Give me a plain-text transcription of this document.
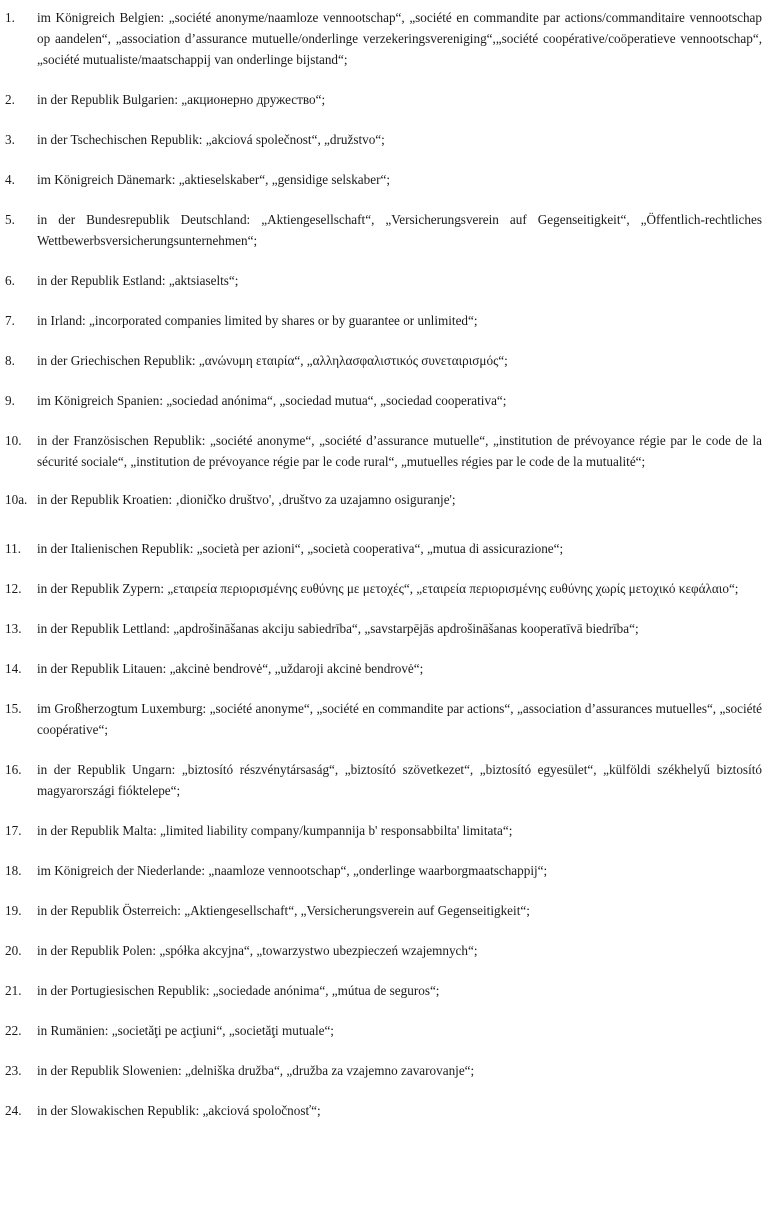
1.	im Königreich Belgien: „société anonyme/naamloze vennootschap“, „société en commandite par actions/commanditaire vennootschap op aandelen“, „association d’assurance mutuelle/onderlinge verzekeringsvereniging“,„société coopérative/coöperatieve vennootschap“, „société mutualiste/maatschappij van onderlinge bijstand“;
2.	in der Republik Bulgarien: „акционерно дружество“;
3.	in der Tschechischen Republik: „akciová společnost“, „družstvo“;
4.	im Königreich Dänemark: „aktieselskaber“, „gensidige selskaber“;
5.	in der Bundesrepublik Deutschland: „Aktiengesellschaft“, „Versicherungsverein auf Gegenseitigkeit“, „Öffentlich-rechtliches Wettbewerbsversicherungsunternehmen“;
6.	in der Republik Estland: „aktsiaselts“;
7.	in Irland: „incorporated companies limited by shares or by guarantee or unlimited“;
8.	in der Griechischen Republik: „ανώνυμη εταιρία“, „αλληλασφαλιστικός συνεταιρισμός“;
9.	im Königreich Spanien: „sociedad anónima“, „sociedad mutua“, „sociedad cooperativa“;
10.	in der Französischen Republik: „société anonyme“, „société d’assurance mutuelle“, „institution de prévoyance régie par le code de la sécurité sociale“, „institution de prévoyance régie par le code rural“, „mutuelles régies par le code de la mutualité“;
10a. in der Republik Kroatien: ‚dioničko društvo', ‚društvo za uzajamno osiguranje';
11.	in der Italienischen Republik: „società per azioni“, „società cooperativa“, „mutua di assicurazione“;
12.	in der Republik Zypern: „εταιρεία περιορισμένης ευθύνης με μετοχές“, „εταιρεία περιορισμένης ευθύνης χωρίς μετοχικό κεφάλαιο“;
13.	in der Republik Lettland: „apdrošināšanas akciju sabiedrība“, „savstarpējās apdrošināšanas kooperatīvā biedrība“;
14.	in der Republik Litauen: „akcinė bendrovė“, „uždaroji akcinė bendrovė“;
15.	im Großherzogtum Luxemburg: „société anonyme“, „société en commandite par actions“, „association d’assurances mutuelles“, „société coopérative“;
16.	in der Republik Ungarn: „biztosító részvénytársaság“, „biztosító szövetkezet“, „biztosító egyesület“, „külföldi székhelyű biztosító magyarországi fióktelepe“;
17.	in der Republik Malta: „limited liability company/kumpannija b' responsabbilta' limitata“;
18.	im Königreich der Niederlande: „naamloze vennootschap“, „onderlinge waarborgmaatschappij“;
19.	in der Republik Österreich: „Aktiengesellschaft“, „Versicherungsverein auf Gegenseitigkeit“;
20.	in der Republik Polen: „spółka akcyjna“, „towarzystwo ubezpieczeń wzajemnych“;
21.	in der Portugiesischen Republik: „sociedade anónima“, „mútua de seguros“;
22.	in Rumänien: „societăţi pe acţiuni“, „societăţi mutuale“;
23.	in der Republik Slowenien: „delniška družba“, „družba za vzajemno zavarovanje“;
24.	in der Slowakischen Republik: „akciová spoločnosť“;
